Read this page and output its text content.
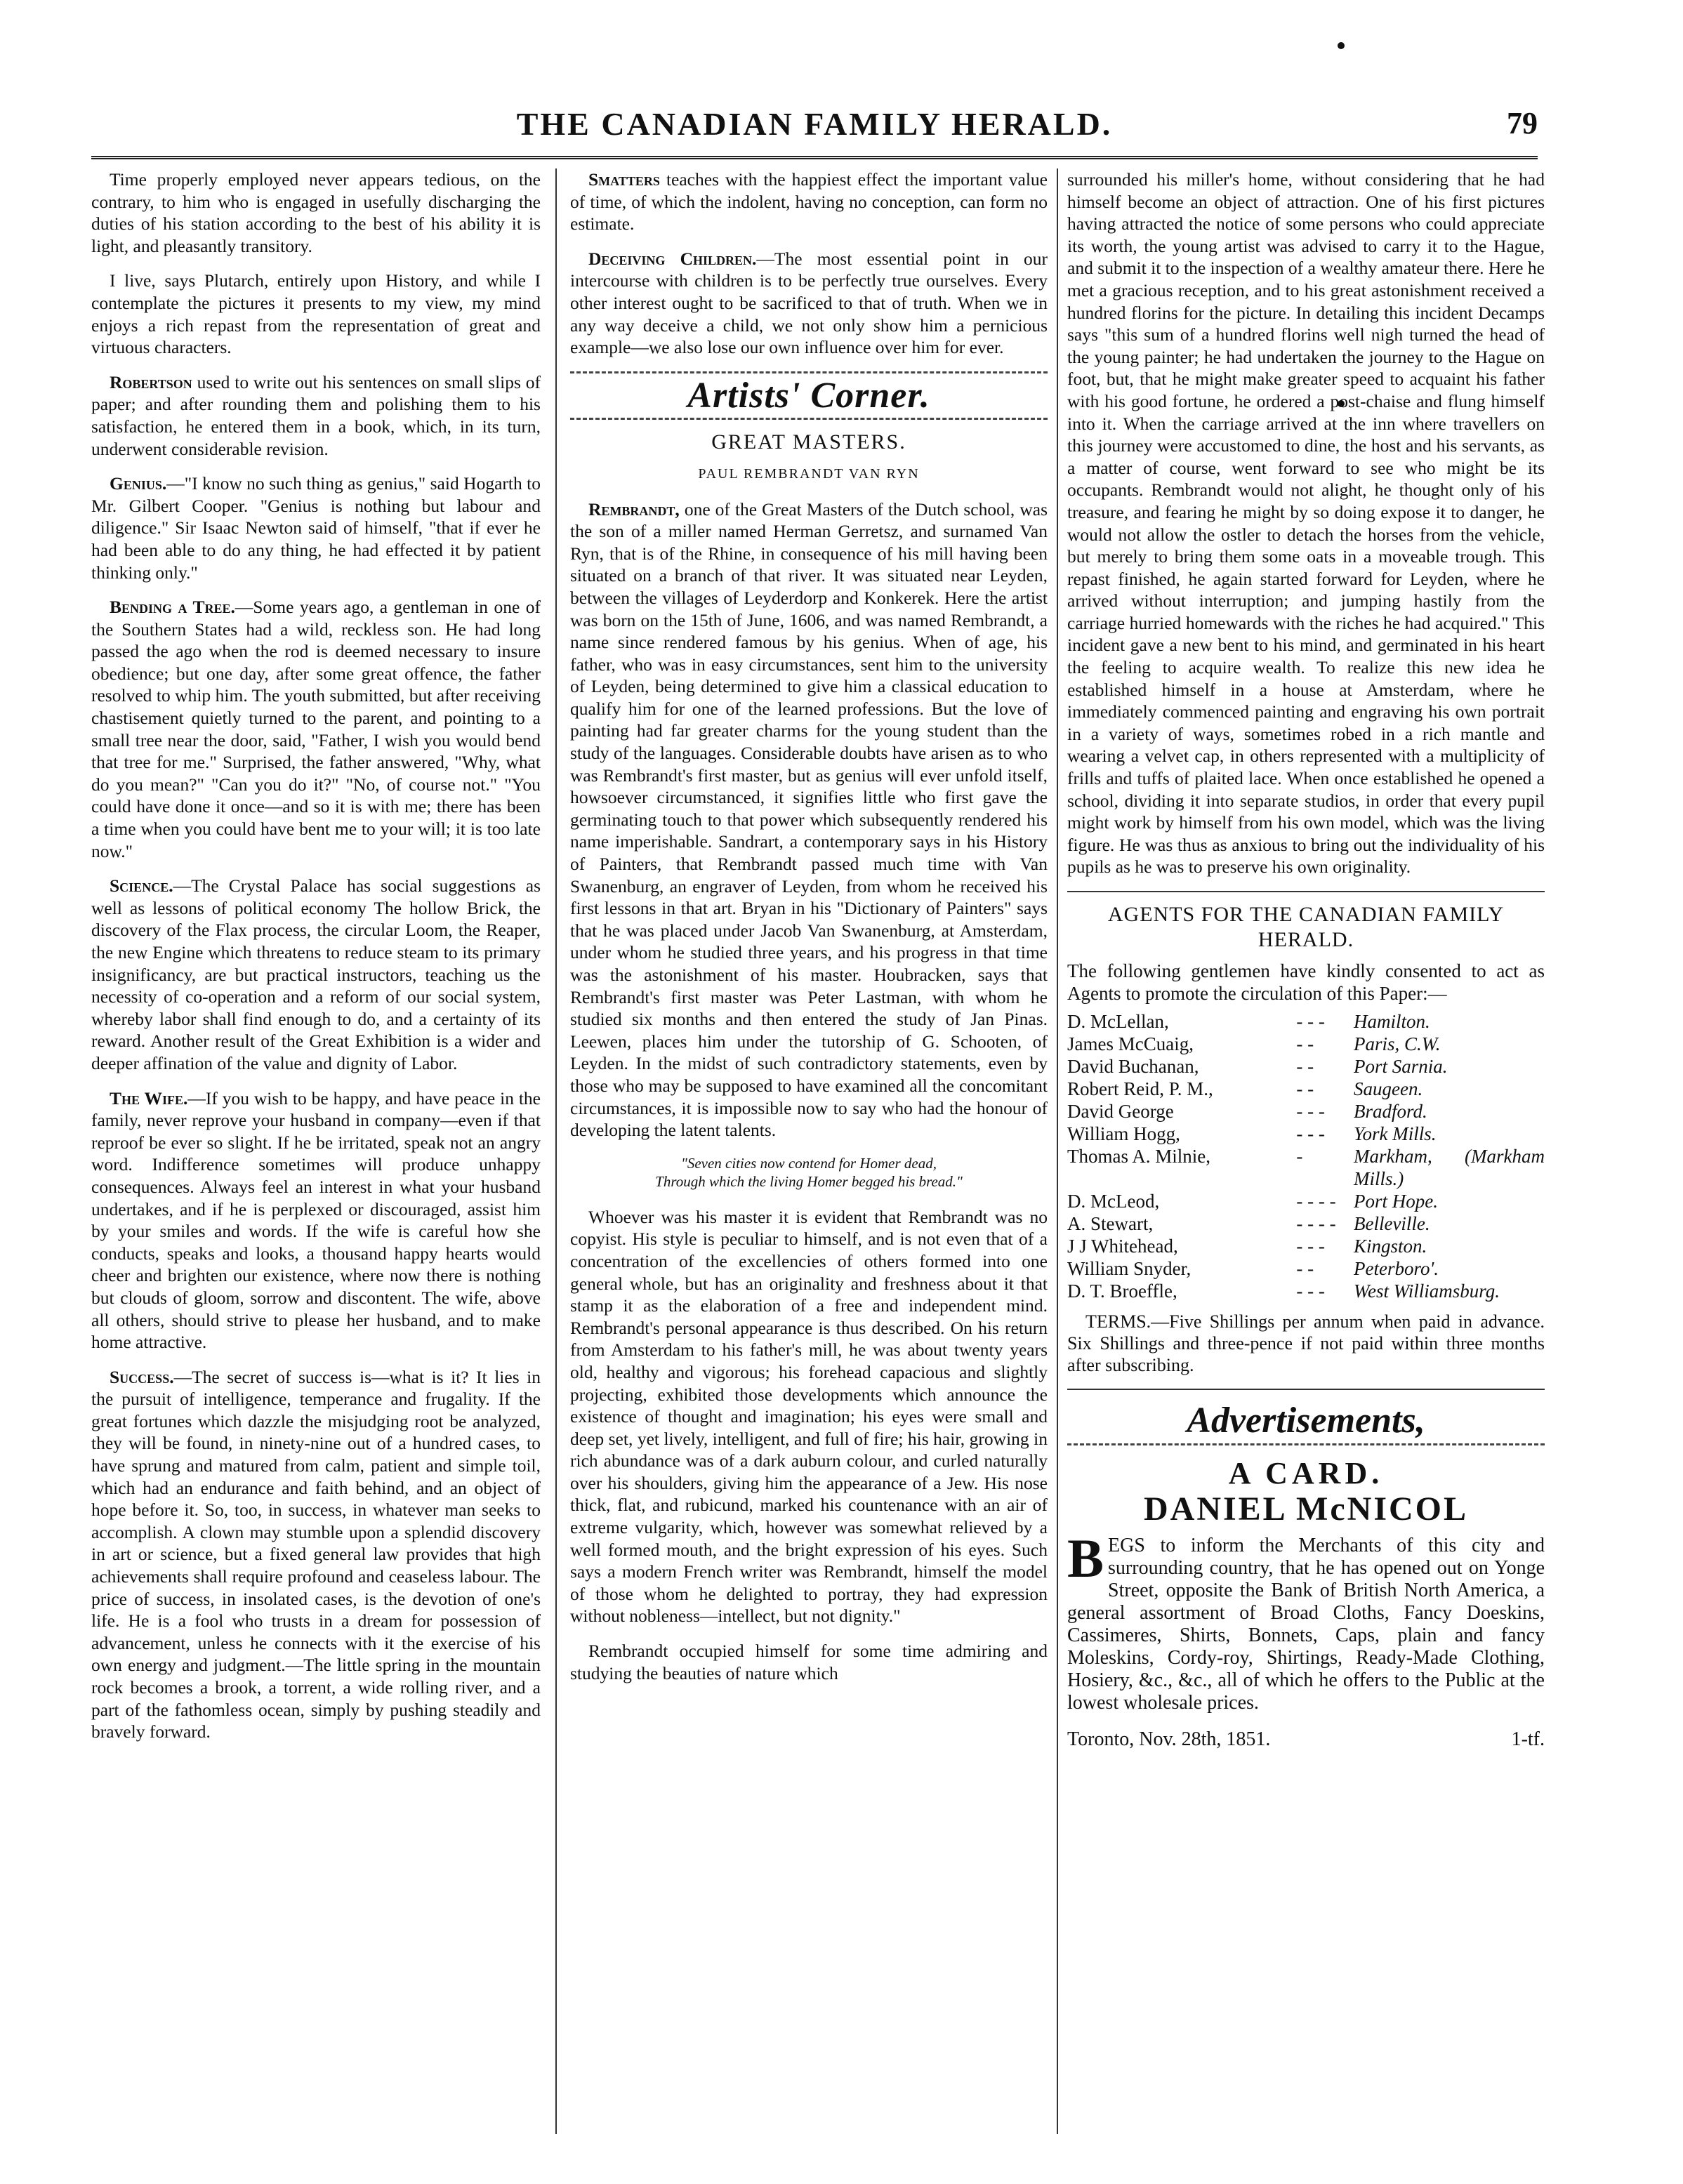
THE CANADIAN FAMILY HERALD.	79

Time properly employed never appears tedious, on the contrary, to him who is engaged in usefully discharging the duties of his station according to the best of his ability it is light, and pleasantly transitory.

I live, says Plutarch, entirely upon History, and while I contemplate the pictures it presents to my view, my mind enjoys a rich repast from the representation of great and virtuous characters.

Robertson used to write out his sentences on small slips of paper; and after rounding them and polishing them to his satisfaction, he entered them in a book, which, in its turn, underwent considerable revision.

Genius.—"I know no such thing as genius," said Hogarth to Mr. Gilbert Cooper. "Genius is nothing but labour and diligence." Sir Isaac Newton said of himself, "that if ever he had been able to do any thing, he had effected it by patient thinking only."

Bending a Tree.—Some years ago, a gentleman in one of the Southern States had a wild, reckless son. He had long passed the ago when the rod is deemed necessary to insure obedience; but one day, after some great offence, the father resolved to whip him. The youth submitted, but after receiving chastisement quietly turned to the parent, and pointing to a small tree near the door, said, "Father, I wish you would bend that tree for me." Surprised, the father answered, "Why, what do you mean?" "Can you do it?" "No, of course not." "You could have done it once—and so it is with me; there has been a time when you could have bent me to your will; it is too late now."

Science.—The Crystal Palace has social suggestions as well as lessons of political economy The hollow Brick, the discovery of the Flax process, the circular Loom, the Reaper, the new Engine which threatens to reduce steam to its primary insignificancy, are but practical instructors, teaching us the necessity of co-operation and a reform of our social system, whereby labor shall find enough to do, and a certainty of its reward. Another result of the Great Exhibition is a wider and deeper affination of the value and dignity of Labor.

The Wife.—If you wish to be happy, and have peace in the family, never reprove your husband in company—even if that reproof be ever so slight. If he be irritated, speak not an angry word. Indifference sometimes will produce unhappy consequences. Always feel an interest in what your husband undertakes, and if he is perplexed or discouraged, assist him by your smiles and words. If the wife is careful how she conducts, speaks and looks, a thousand happy hearts would cheer and brighten our existence, where now there is nothing but clouds of gloom, sorrow and discontent. The wife, above all others, should strive to please her husband, and to make home attractive.

Success.—The secret of success is—what is it? It lies in the pursuit of intelligence, temperance and frugality. If the great fortunes which dazzle the misjudging root be analyzed, they will be found, in ninety-nine out of a hundred cases, to have sprung and matured from calm, patient and simple toil, which had an endurance and faith behind, and an object of hope before it. So, too, in success, in whatever man seeks to accomplish. A clown may stumble upon a splendid discovery in art or science, but a fixed general law provides that high achievements shall require profound and ceaseless labour. The price of success, in insolated cases, is the devotion of one's life. He is a fool who trusts in a dream for possession of advancement, unless he connects with it the exercise of his own energy and judgment.—The little spring in the mountain rock becomes a brook, a torrent, a wide rolling river, and a part of the fathomless ocean, simply by pushing steadily and bravely forward.

Smatters teaches with the happiest effect the important value of time, of which the indolent, having no conception, can form no estimate.

Deceiving Children.—The most essential point in our intercourse with children is to be perfectly true ourselves. Every other interest ought to be sacrificed to that of truth. When we in any way deceive a child, we not only show him a pernicious example—we also lose our own influence over him for ever.

Artists' Corner.
GREAT MASTERS.
PAUL REMBRANDT VAN RYN

Rembrandt, one of the Great Masters of the Dutch school, was the son of a miller named Herman Gerretsz, and surnamed Van Ryn, that is of the Rhine, in consequence of his mill having been situated on a branch of that river. It was situated near Leyden, between the villages of Leyderdorp and Konkerek. Here the artist was born on the 15th of June, 1606, and was named Rembrandt, a name since rendered famous by his genius. When of age, his father, who was in easy circumstances, sent him to the university of Leyden, being determined to give him a classical education to qualify him for one of the learned professions. But the love of painting had far greater charms for the young student than the study of the languages. Considerable doubts have arisen as to who was Rembrandt's first master, but as genius will ever unfold itself, howsoever circumstanced, it signifies little who first gave the germinating touch to that power which subsequently rendered his name imperishable. Sandrart, a contemporary says in his History of Painters, that Rembrandt passed much time with Van Swanenburg, an engraver of Leyden, from whom he received his first lessons in that art. Bryan in his "Dictionary of Painters" says that he was placed under Jacob Van Swanenburg, at Amsterdam, under whom he studied three years, and his progress in that time was the astonishment of his master. Houbracken, says that Rembrandt's first master was Peter Lastman, with whom he studied six months and then entered the study of Jan Pinas. Leewen, places him under the tutorship of G. Schooten, of Leyden. In the midst of such contradictory statements, even by those who may be supposed to have examined all the concomitant circumstances, it is impossible now to say who had the honour of developing the latent talents.

"Seven cities now contend for Homer dead,
Through which the living Homer begged his bread."

Whoever was his master it is evident that Rembrandt was no copyist. His style is peculiar to himself, and is not even that of a concentration of the excellencies of others formed into one general whole, but has an originality and freshness about it that stamp it as the elaboration of a free and independent mind. Rembrandt's personal appearance is thus described. On his return from Amsterdam to his father's mill, he was about twenty years old, healthy and vigorous; his forehead capacious and slightly projecting, exhibited those developments which announce the existence of thought and imagination; his eyes were small and deep set, yet lively, intelligent, and full of fire; his hair, growing in rich abundance was of a dark auburn colour, and curled naturally over his shoulders, giving him the appearance of a Jew. His nose thick, flat, and rubicund, marked his countenance with an air of extreme vulgarity, which, however was somewhat relieved by a well formed mouth, and the bright expression of his eyes. Such says a modern French writer was Rembrandt, himself the model of those whom he delighted to portray, they had expression without nobleness—intellect, but not dignity."

Rembrandt occupied himself for some time admiring and studying the beauties of nature which

surrounded his miller's home, without considering that he had himself become an object of attraction. One of his first pictures having attracted the notice of some persons who could appreciate its worth, the young artist was advised to carry it to the Hague, and submit it to the inspection of a wealthy amateur there. Here he met a gracious reception, and to his great astonishment received a hundred florins for the picture. In detailing this incident Decamps says "this sum of a hundred florins well nigh turned the head of the young painter; he had undertaken the journey to the Hague on foot, but, that he might make greater speed to acquaint his father with his good fortune, he ordered a post-chaise and flung himself into it. When the carriage arrived at the inn where travellers on this journey were accustomed to dine, the host and his servants, as a matter of course, went forward to see who might be its occupants. Rembrandt would not alight, he thought only of his treasure, and fearing he might by so doing expose it to danger, he would not allow the ostler to detach the horses from the vehicle, but merely to bring them some oats in a moveable trough. This repast finished, he again started forward for Leyden, where he arrived without interruption; and jumping hastily from the carriage hurried homewards with the riches he had acquired." This incident gave a new bent to his mind, and germinated in his heart the feeling to acquire wealth. To realize this new idea he established himself in a house at Amsterdam, where he immediately commenced painting and engraving his own portrait in a variety of ways, sometimes robed in a rich mantle and wearing a velvet cap, in others represented with a multiplicity of frills and tuffs of plaited lace. When once established he opened a school, dividing it into separate studios, in order that every pupil might work by himself from his own model, which was the living figure. He was thus as anxious to bring out the individuality of his pupils as he was to preserve his own originality.

AGENTS FOR THE CANADIAN FAMILY HERALD.

The following gentlemen have kindly consented to act as Agents to promote the circulation of this Paper:—

D. McLellan,	- - -	Hamilton.
James McCuaig,	- -	Paris, C.W.
David Buchanan,	- -	Port Sarnia.
Robert Reid, P. M.,	- -	Saugeen.
David George	- - -	Bradford.
William Hogg,	- - -	York Mills.
Thomas A. Milnie,	-	Markham, (Markham Mills.)
D. McLeod,	- - - -	Port Hope.
A. Stewart,	- - - -	Belleville.
J J Whitehead,	- - -	Kingston.
William Snyder,	- -	Peterboro'.
D. T. Broeffle,	- - -	West Williamsburg.

TERMS.—Five Shillings per annum when paid in advance. Six Shillings and three-pence if not paid within three months after subscribing.

Advertisements,
A CARD.
DANIEL McNICOL

BEGS to inform the Merchants of this city and surrounding country, that he has opened out on Yonge Street, opposite the Bank of British North America, a general assortment of Broad Cloths, Fancy Doeskins, Cassimeres, Shirts, Bonnets, Caps, plain and fancy Moleskins, Cordy-roy, Shirtings, Ready-Made Clothing, Hosiery, &c., &c., all of which he offers to the Public at the lowest wholesale prices.

Toronto, Nov. 28th, 1851.	1-tf.
